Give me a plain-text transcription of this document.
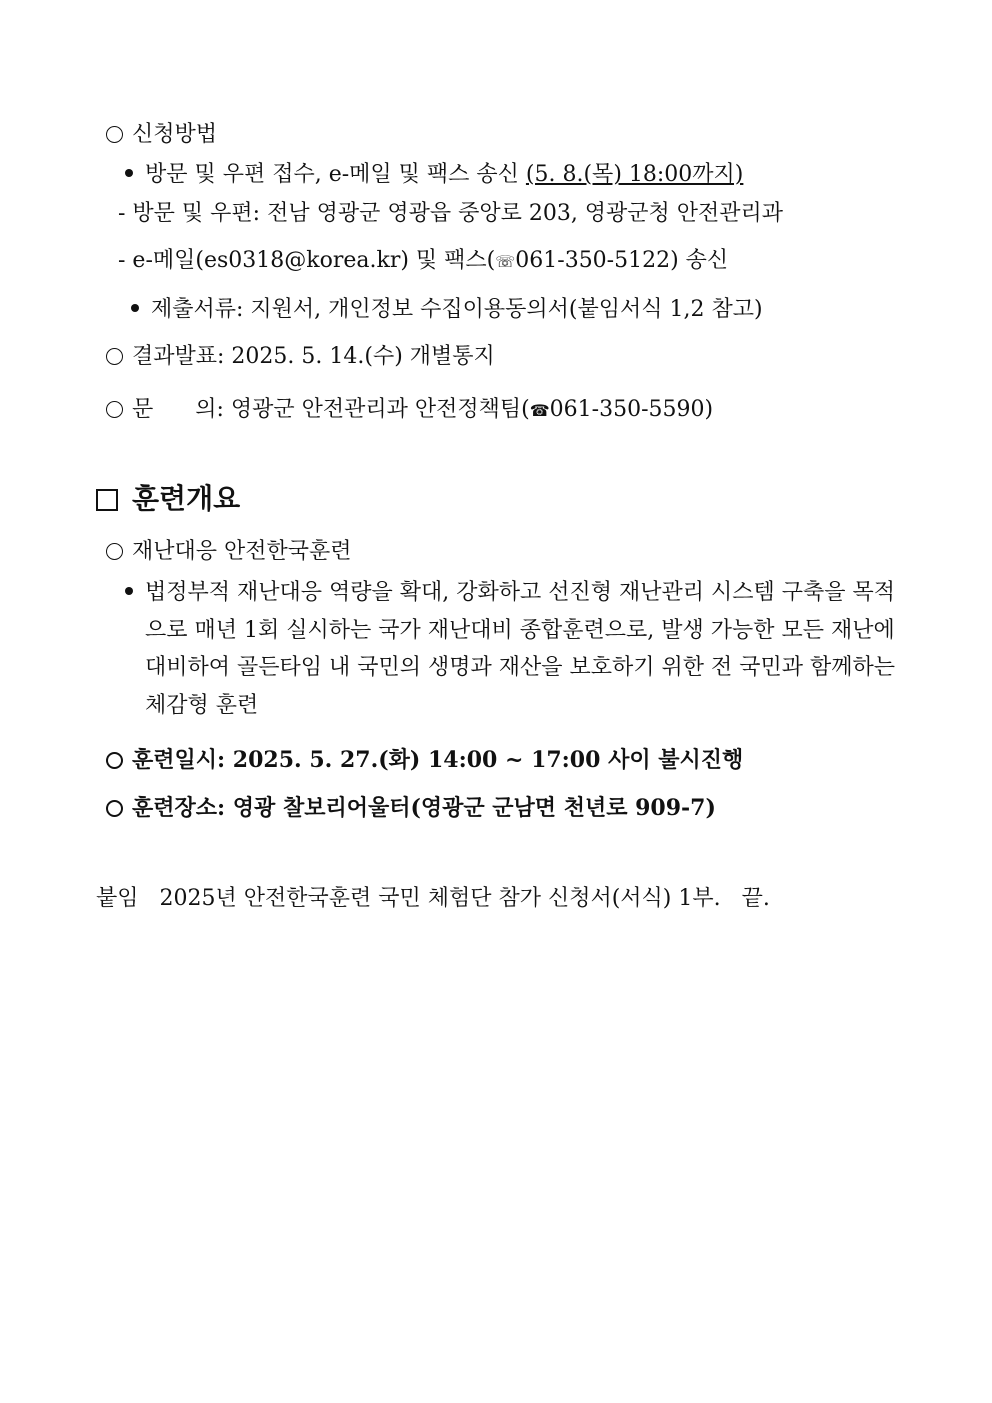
신청방법
방문 및 우편 접수, e-메일 및 팩스 송신 (5. 8.(목) 18:00까지)
- 방문 및 우편: 전남 영광군 영광읍 중앙로 203, 영광군청 안전관리과
- e-메일(es0318@korea.kr) 및 팩스(☏061-350-5122) 송신
제출서류: 지원서, 개인정보 수집이용동의서(붙임서식 1,2 참고)
결과발표: 2025. 5. 14.(수) 개별통지
문      의: 영광군 안전관리과 안전정책팀(☎061-350-5590)
훈련개요
재난대응 안전한국훈련
법정부적 재난대응 역량을 확대, 강화하고 선진형 재난관리 시스템 구축을 목적
으로 매년 1회 실시하는 국가 재난대비 종합훈련으로, 발생 가능한 모든 재난에
대비하여 골든타임 내 국민의 생명과 재산을 보호하기 위한 전 국민과 함께하는
체감형 훈련
훈련일시: 2025. 5. 27.(화) 14:00 ~ 17:00 사이 불시진행
훈련장소: 영광 찰보리어울터(영광군 군남면 천년로 909-7)
붙임   2025년 안전한국훈련 국민 체험단 참가 신청서(서식) 1부.   끝.
